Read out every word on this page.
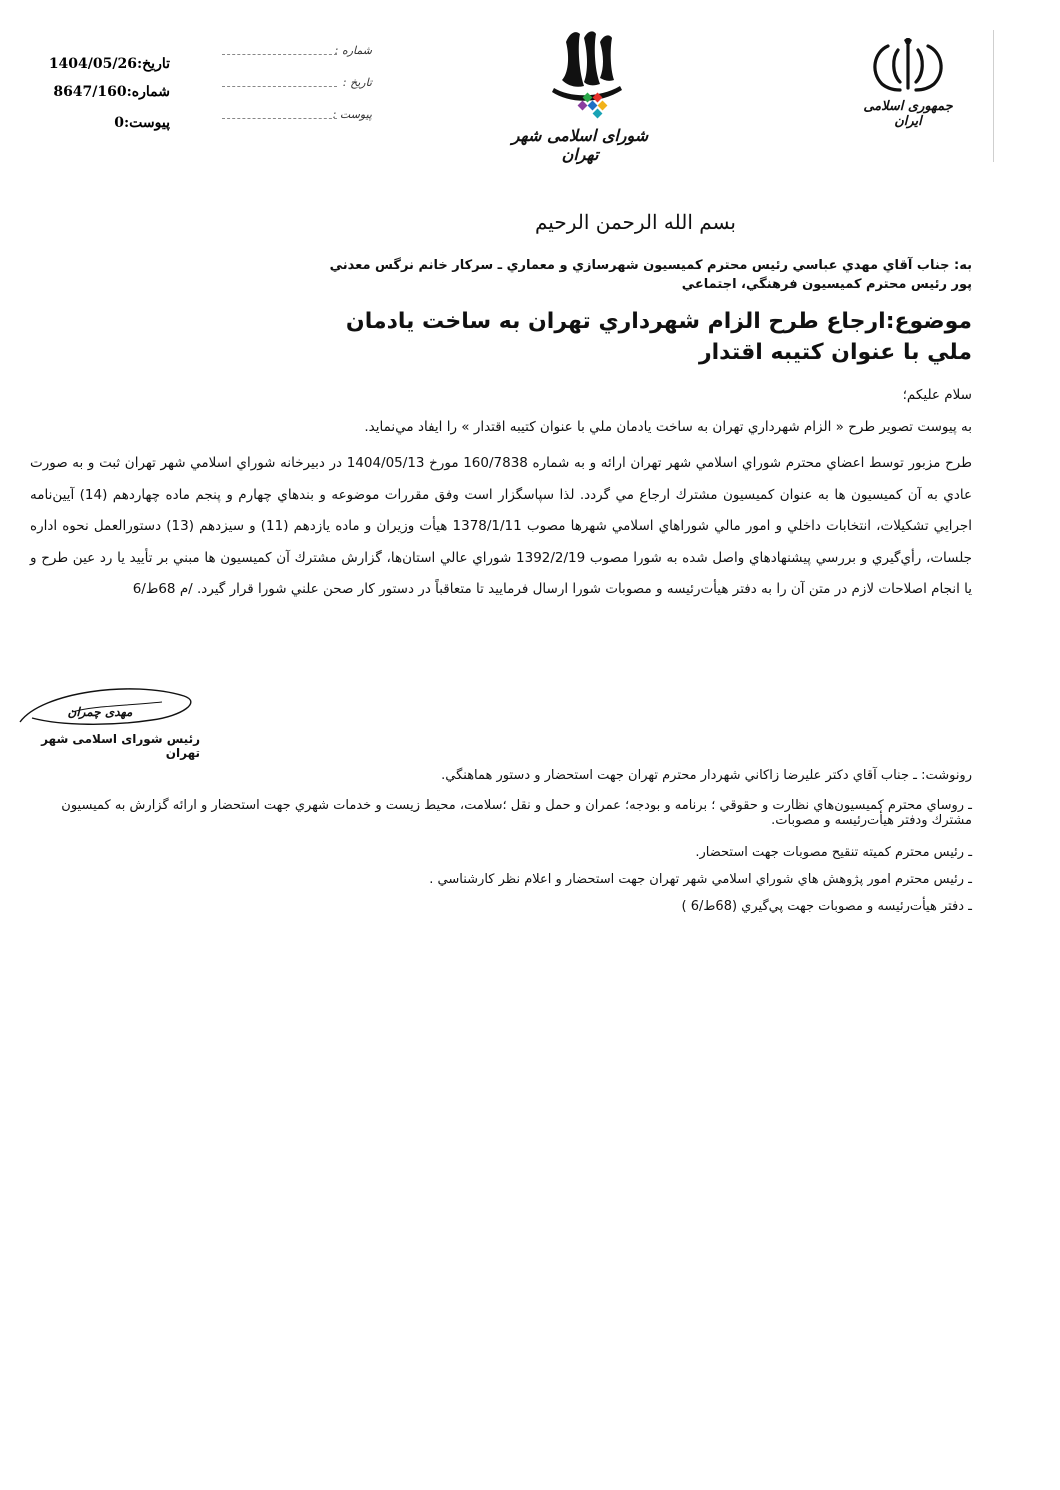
جمهوری اسلامی ایران
شورای اسلامی شهر تهران
شماره :
تاریخ :
پیوست :
تاریخ:1404/05/26
شماره:8647/160
پیوست:0
بسم الله الرحمن الرحيم
به: جناب آقاي مهدي عباسي رئيس محترم كميسيون شهرسازي و معماري ـ سركار خانم نرگس معدني پور رئيس محترم كميسيون فرهنگي، اجتماعي
موضوع:ارجاع طرح الزام شهرداري تهران به ساخت يادمان ملي با عنوان كتيبه اقتدار
سلام عليكم؛
به پيوست تصوير طرح « الزام شهرداري تهران به ساخت يادمان ملي با عنوان كتيبه اقتدار » را ايفاد مي‌نمايد.
طرح مزبور توسط اعضاي محترم شوراي اسلامي شهر تهران ارائه و به شماره 160/7838 مورخ 1404/05/13 در دبيرخانه شوراي اسلامي شهر تهران ثبت و به صورت عادي به آن كميسيون ها به عنوان كميسيون مشترك ارجاع مي گردد. لذا سپاسگزار است وفق مقررات موضوعه و بندهاي چهارم و پنجم ماده چهاردهم (14) آيين‌نامه اجرايي تشكيلات، انتخابات داخلي و امور مالي شوراهاي اسلامي شهرها مصوب 1378/1/11 هيأت وزيران و ماده يازدهم (11) و سيزدهم (13) دستورالعمل نحوه اداره جلسات، رأي‌گيري و بررسي پيشنهادهاي واصل شده به شورا مصوب 1392/2/19 شوراي عالي استان‌ها، گزارش مشترك آن كميسيون ها مبني بر تأييد يا رد عين طرح و يا انجام اصلاحات لازم در متن آن را به دفتر هيأت‌رئيسه و مصوبات شورا ارسال فرماييد تا متعاقباً در دستور كار صحن علني شورا قرار گيرد. /م 68ط/6
مهدی چمران
رئیس شورای اسلامی شهر تهران
رونوشت: ـ جناب آقاي دكتر عليرضا زاكاني شهردار محترم تهران جهت استحضار و دستور هماهنگي.
ـ روساي محترم كميسيون‌هاي نظارت و حقوقي ؛ برنامه و بودجه؛ عمران و حمل و نقل ؛سلامت، محيط زيست و خدمات شهري جهت استحضار و ارائه گزارش به كميسيون مشترك ودفتر هيأت‌رئيسه و مصوبات.
ـ رئيس محترم كميته تنقيح مصوبات جهت استحضار.
ـ رئيس محترم امور پژوهش هاي شوراي اسلامي شهر تهران جهت استحضار و اعلام نظر كارشناسي .
ـ دفتر هيأت‌رئيسه و مصوبات جهت پي‌گيري (68ط/6 )
